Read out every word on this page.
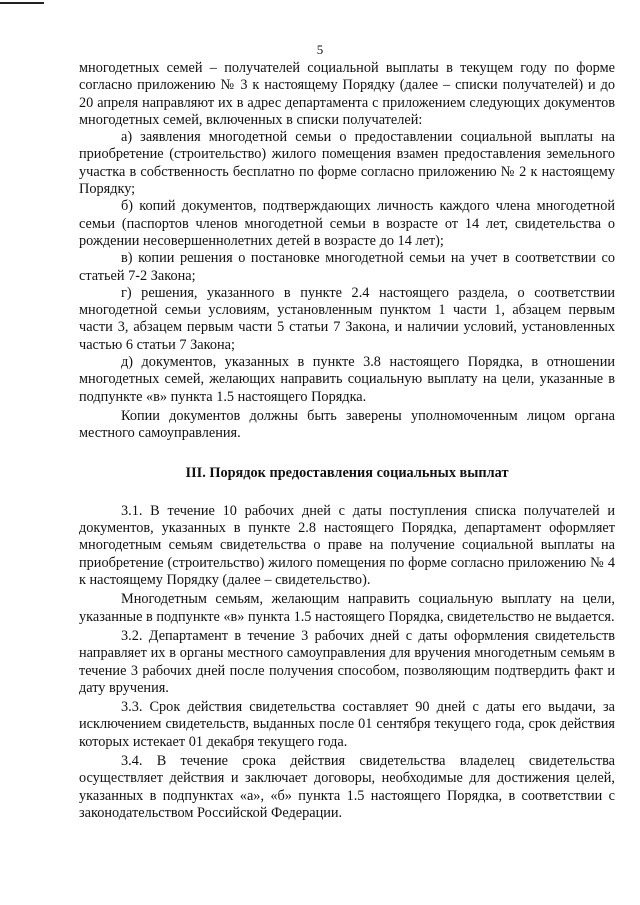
5

многодетных семей – получателей социальной выплаты в текущем году по форме согласно приложению № 3 к настоящему Порядку (далее – списки получателей) и до 20 апреля направляют их в адрес департамента с приложением следующих документов многодетных семей, включенных в списки получателей:

а) заявления многодетной семьи о предоставлении социальной выплаты на приобретение (строительство) жилого помещения взамен предоставления земельного участка в собственность бесплатно по форме согласно приложению № 2 к настоящему Порядку;

б) копий документов, подтверждающих личность каждого члена многодетной семьи (паспортов членов многодетной семьи в возрасте от 14 лет, свидетельства о рождении несовершеннолетних детей в возрасте до 14 лет);

в) копии решения о постановке многодетной семьи на учет в соответствии со статьей 7-2 Закона;

г) решения, указанного в пункте 2.4 настоящего раздела, о соответствии многодетной семьи условиям, установленным пунктом 1 части 1, абзацем первым части 3, абзацем первым части 5 статьи 7 Закона, и наличии условий, установленных частью 6 статьи 7 Закона;

д) документов, указанных в пункте 3.8 настоящего Порядка, в отношении многодетных семей, желающих направить социальную выплату на цели, указанные в подпункте «в» пункта 1.5 настоящего Порядка.

Копии документов должны быть заверены уполномоченным лицом органа местного самоуправления.

III. Порядок предоставления социальных выплат

3.1. В течение 10 рабочих дней с даты поступления списка получателей и документов, указанных в пункте 2.8 настоящего Порядка, департамент оформляет многодетным семьям свидетельства о праве на получение социальной выплаты на приобретение (строительство) жилого помещения по форме согласно приложению № 4 к настоящему Порядку (далее – свидетельство).

Многодетным семьям, желающим направить социальную выплату на цели, указанные в подпункте «в» пункта 1.5 настоящего Порядка, свидетельство не выдается.

3.2. Департамент в течение 3 рабочих дней с даты оформления свидетельств направляет их в органы местного самоуправления для вручения многодетным семьям в течение 3 рабочих дней после получения способом, позволяющим подтвердить факт и дату вручения.

3.3. Срок действия свидетельства составляет 90 дней с даты его выдачи, за исключением свидетельств, выданных после 01 сентября текущего года, срок действия которых истекает 01 декабря текущего года.

3.4. В течение срока действия свидетельства владелец свидетельства осуществляет действия и заключает договоры, необходимые для достижения целей, указанных в подпунктах «а», «б» пункта 1.5 настоящего Порядка, в соответствии с законодательством Российской Федерации.
